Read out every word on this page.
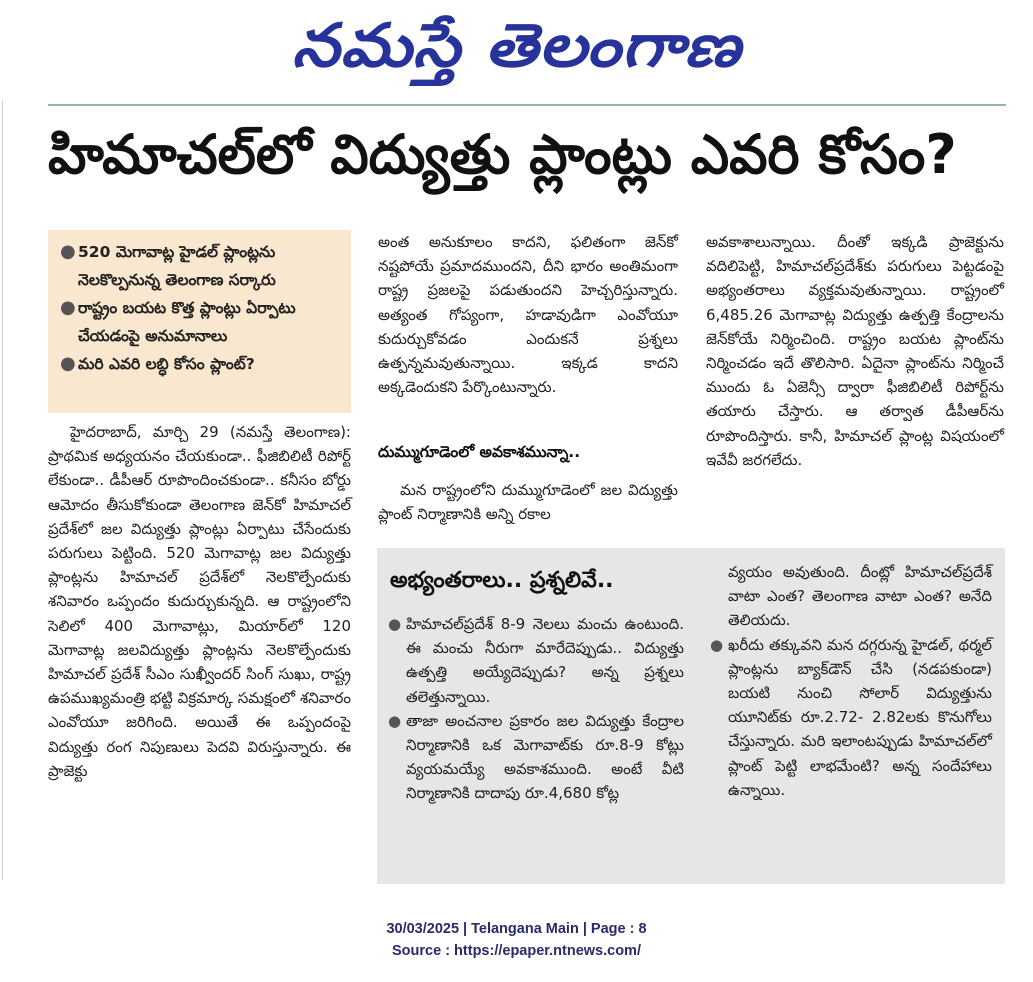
నమస్తే తెలంగాణ
హిమాచల్‌లో విద్యుత్తు ప్లాంట్లు ఎవరి కోసం?
● 520 మెగావాట్ల హైడల్ ప్లాంట్లను నెలకొల్పనున్న తెలంగాణ సర్కారు
● రాష్ట్రం బయట కొత్త ప్లాంట్లు ఏర్పాటు చేయడంపై అనుమానాలు
● మరి ఎవరి లబ్ధి కోసం ప్లాంట్?
హైదరాబాద్, మార్చి 29 (నమస్తే తెలంగాణ): ప్రాథమిక అధ్యయనం చేయకుండా.. ఫీజిబిలిటీ రిపోర్ట్ లేకుండా.. డీపీఆర్ రూపొందించకుండా.. కనీసం బోర్డు ఆమోదం తీసుకోకుండా తెలంగాణ జెన్‌కో హిమాచల్ ప్రదేశ్‌లో జల విద్యుత్తు ప్లాంట్లు ఏర్పాటు చేసేందుకు పరుగులు పెట్టింది. 520 మెగావాట్ల జల విద్యుత్తు ప్లాంట్లను హిమాచల్ ప్రదేశ్‌లో నెలకొల్పేందుకు శనివారం ఒప్పందం కుదుర్చుకున్నది. ఆ రాష్ట్రంలోని సెలిలో 400 మెగావాట్లు, మియార్‌లో 120 మెగావాట్ల జలవిద్యుత్తు ప్లాంట్లను నెలకొల్పేందుకు హిమాచల్ ప్రదేశ్ సీఎం సుఖ్వీందర్ సింగ్ సుఖు, రాష్ట్ర ఉపముఖ్యమంత్రి భట్టి విక్రమార్క సమక్షంలో శనివారం ఎంవోయూ జరిగింది. అయితే ఈ ఒప్పందంపై విద్యుత్తు రంగ నిపుణులు పెదవి విరుస్తున్నారు. ఈ ప్రాజెక్టు
అంత అనుకూలం కాదని, ఫలితంగా జెన్‌కో నష్టపోయే ప్రమాదముందని, దీని భారం అంతిమంగా రాష్ట్ర ప్రజలపై పడుతుందని హెచ్చరిస్తున్నారు. అత్యంత గోప్యంగా, హడావుడిగా ఎంవోయూ కుదుర్చుకోవడం ఎందుకనే ప్రశ్నలు ఉత్పన్నమవుతున్నాయి. ఇక్కడ కాదని అక్కడెందుకని పేర్కొంటున్నారు.
దుమ్ముగూడెంలో అవకాశమున్నా..
మన రాష్ట్రంలోని దుమ్ముగూడెంలో జల విద్యుత్తు ప్లాంట్ నిర్మాణానికి అన్ని రకాల
అవకాశాలున్నాయి. దీంతో ఇక్కడి ప్రాజెక్టును వదిలిపెట్టి, హిమాచల్‌ప్రదేశ్‌కు పరుగులు పెట్టడంపై అభ్యంతరాలు వ్యక్తమవుతున్నాయి. రాష్ట్రంలో 6,485.26 మెగావాట్ల విద్యుత్తు ఉత్పత్తి కేంద్రాలను జెన్‌కోయే నిర్మించింది. రాష్ట్రం బయట ప్లాంట్‌ను నిర్మించడం ఇదే తొలిసారి. ఏదైనా ప్లాంట్‌ను నిర్మించే ముందు ఓ ఏజెన్సీ ద్వారా ఫీజిబిలిటీ రిపోర్ట్‌ను తయారు చేస్తారు. ఆ తర్వాత డీపీఆర్‌ను రూపొందిస్తారు. కానీ, హిమాచల్ ప్లాంట్ల విషయంలో ఇవేవీ జరగలేదు.
అభ్యంతరాలు.. ప్రశ్నలివే..
● హిమాచల్‌ప్రదేశ్ 8-9 నెలలు మంచు ఉంటుంది. ఈ మంచు నీరుగా మారేదెప్పుడు.. విద్యుత్తు ఉత్పత్తి అయ్యేదెప్పుడు? అన్న ప్రశ్నలు తలెత్తున్నాయి.
● తాజా అంచనాల ప్రకారం జల విద్యుత్తు కేంద్రాల నిర్మాణానికి ఒక మెగావాట్‌కు రూ.8-9 కోట్లు వ్యయమయ్యే అవకాశముంది. అంటే వీటి నిర్మాణానికి దాదాపు రూ.4,680 కోట్ల
వ్యయం అవుతుంది. దీంట్లో హిమాచల్‌ప్రదేశ్ వాటా ఎంత? తెలంగాణ వాటా ఎంత? అనేది తెలియదు.
● ఖరీదు తక్కువని మన దగ్గరున్న హైడల్, థర్మల్ ప్లాంట్లను బ్యాక్‌డౌన్ చేసి (నడపకుండా) బయటి నుంచి సోలార్ విద్యుత్తును యూనిట్‌కు రూ.2.72- 2.82లకు కొనుగోలు చేస్తున్నారు. మరి ఇలాంటప్పుడు హిమాచల్‌లో ప్లాంట్ పెట్టి లాభమేంటి? అన్న సందేహాలు ఉన్నాయి.
30/03/2025 | Telangana Main | Page : 8
Source : https://epaper.ntnews.com/
